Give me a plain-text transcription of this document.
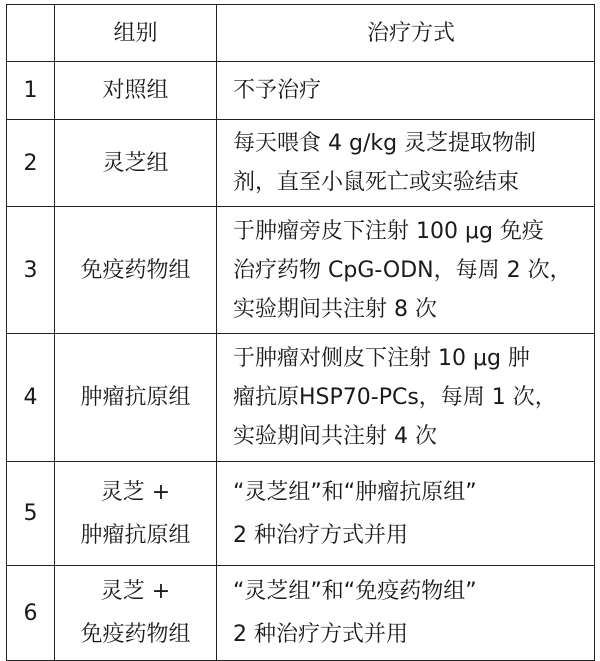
	组别	治疗方式
1	对照组	不予治疗

2	灵芝组	每天喂食 4 g/kg 灵芝提取物制
剂，直至小鼠死亡或实验结束

3	免疫药物组	于肿瘤旁皮下注射 100 μg 免疫
治疗药物 CpG-ODN，每周 2 次，
实验期间共注射 8 次

4	肿瘤抗原组	于肿瘤对侧皮下注射 10 μg 肿
瘤抗原HSP70-PCs，每周 1 次，
实验期间共注射 4 次

5	灵芝 +
肿瘤抗原组	“灵芝组”和“肿瘤抗原组”
2 种治疗方式并用

6	灵芝 +
免疫药物组	“灵芝组”和“免疫药物组”
2 种治疗方式并用
